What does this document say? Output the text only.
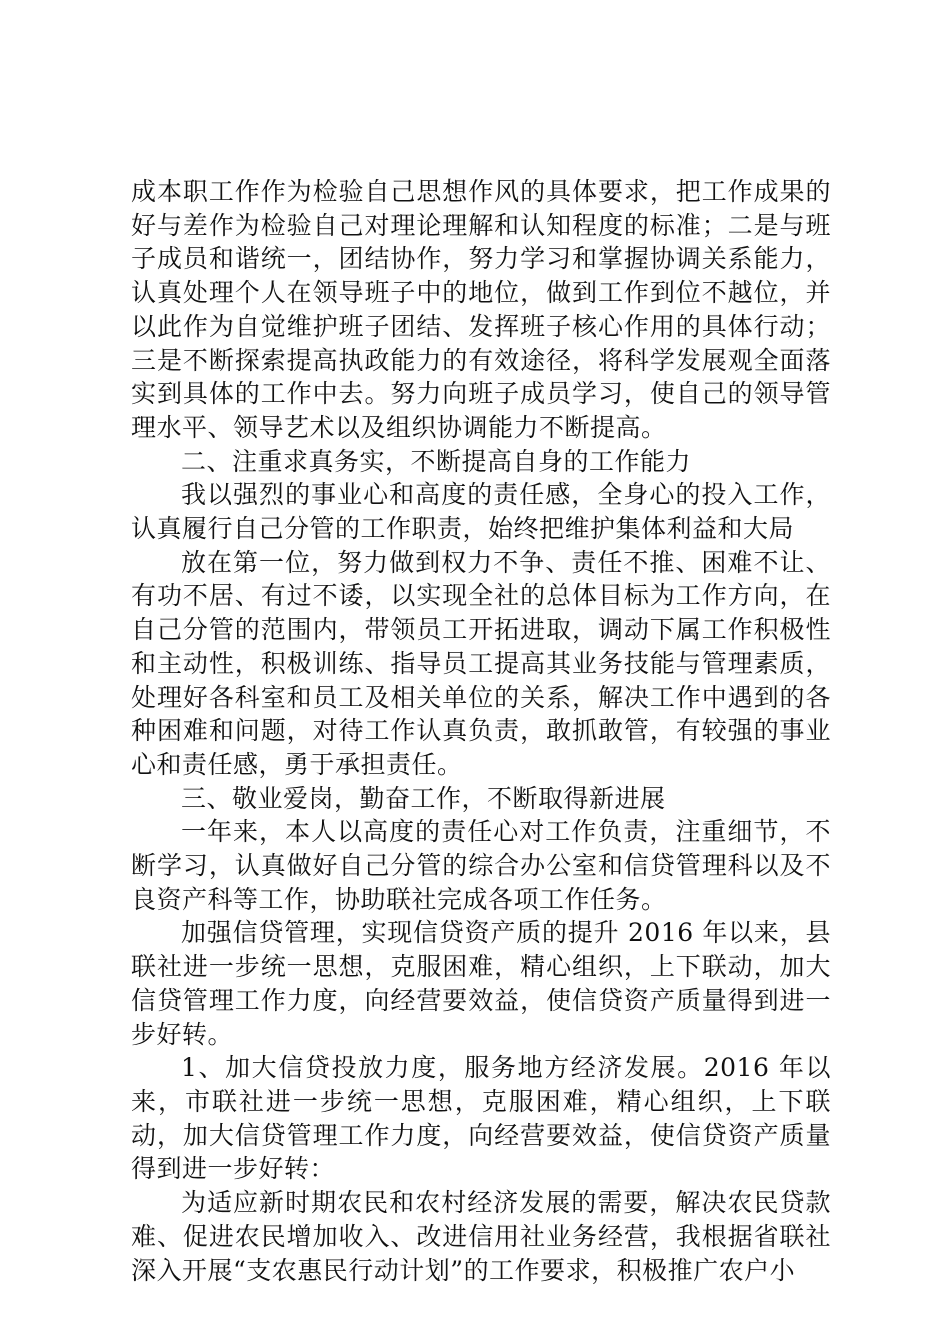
成本职工作作为检验自己思想作风的具体要求，把工作成果的好与差作为检验自己对理论理解和认知程度的标准；二是与班子成员和谐统一，团结协作，努力学习和掌握协调关系能力，认真处理个人在领导班子中的地位，做到工作到位不越位，并以此作为自觉维护班子团结、发挥班子核心作用的具体行动；三是不断探索提高执政能力的有效途径，将科学发展观全面落实到具体的工作中去。努力向班子成员学习，使自己的领导管理水平、领导艺术以及组织协调能力不断提高。

二、注重求真务实，不断提高自身的工作能力

我以强烈的事业心和高度的责任感，全身心的投入工作，认真履行自己分管的工作职责，始终把维护集体利益和大局

放在第一位，努力做到权力不争、责任不推、困难不让、有功不居、有过不诿，以实现全社的总体目标为工作方向，在自己分管的范围内，带领员工开拓进取，调动下属工作积极性和主动性，积极训练、指导员工提高其业务技能与管理素质，处理好各科室和员工及相关单位的关系，解决工作中遇到的各种困难和问题，对待工作认真负责，敢抓敢管，有较强的事业心和责任感，勇于承担责任。

三、敬业爱岗，勤奋工作，不断取得新进展

一年来，本人以高度的责任心对工作负责，注重细节，不断学习，认真做好自己分管的综合办公室和信贷管理科以及不良资产科等工作，协助联社完成各项工作任务。

加强信贷管理，实现信贷资产质的提升 2016 年以来，县联社进一步统一思想，克服困难，精心组织，上下联动，加大信贷管理工作力度，向经营要效益，使信贷资产质量得到进一步好转。

1、加大信贷投放力度，服务地方经济发展。2016 年以来，市联社进一步统一思想，克服困难，精心组织，上下联动，加大信贷管理工作力度，向经营要效益，使信贷资产质量得到进一步好转：

为适应新时期农民和农村经济发展的需要，解决农民贷款难、促进农民增加收入、改进信用社业务经营，我根据省联社深入开展“支农惠民行动计划”的工作要求，积极推广农户小
